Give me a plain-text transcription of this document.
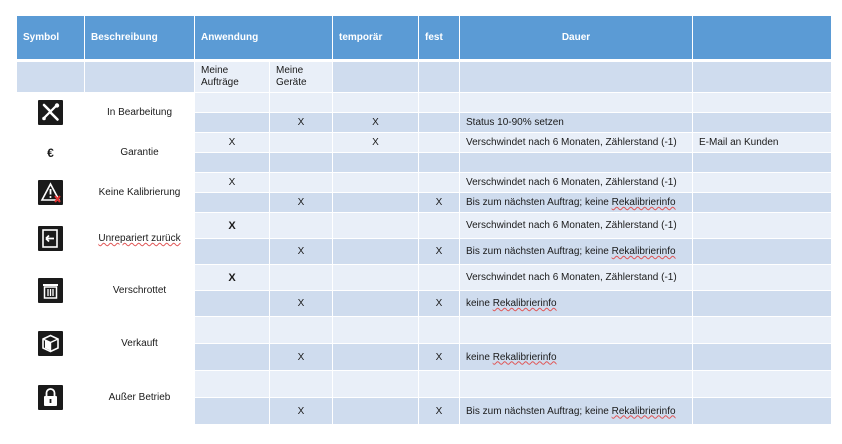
Symbol	Beschreibung	Anwendung		temporär	fest	Dauer	

		Meine Aufträge	Meine Geräte				

	In Bearbeitung						
			X	X		Status 10-90% setzen	
€	Garantie	X		X		Verschwindet nach 6 Monaten, Zählerstand (-1)	E-Mail an Kunden

	Keine Kalibrierung	X				Verschwindet nach 6 Monaten, Zählerstand (-1)	
			X		X	Bis zum nächsten Auftrag; keine Rekalibrierinfo	

	Unrepariert zurück	X				Verschwindet nach 6 Monaten, Zählerstand (-1)	
			X		X	Bis zum nächsten Auftrag; keine Rekalibrierinfo	

	Verschrottet	X				Verschwindet nach 6 Monaten, Zählerstand (-1)	
			X		X	keine Rekalibrierinfo	

	Verkauft						
			X		X	keine Rekalibrierinfo	

	Außer Betrieb						
			X		X	Bis zum nächsten Auftrag; keine Rekalibrierinfo	
